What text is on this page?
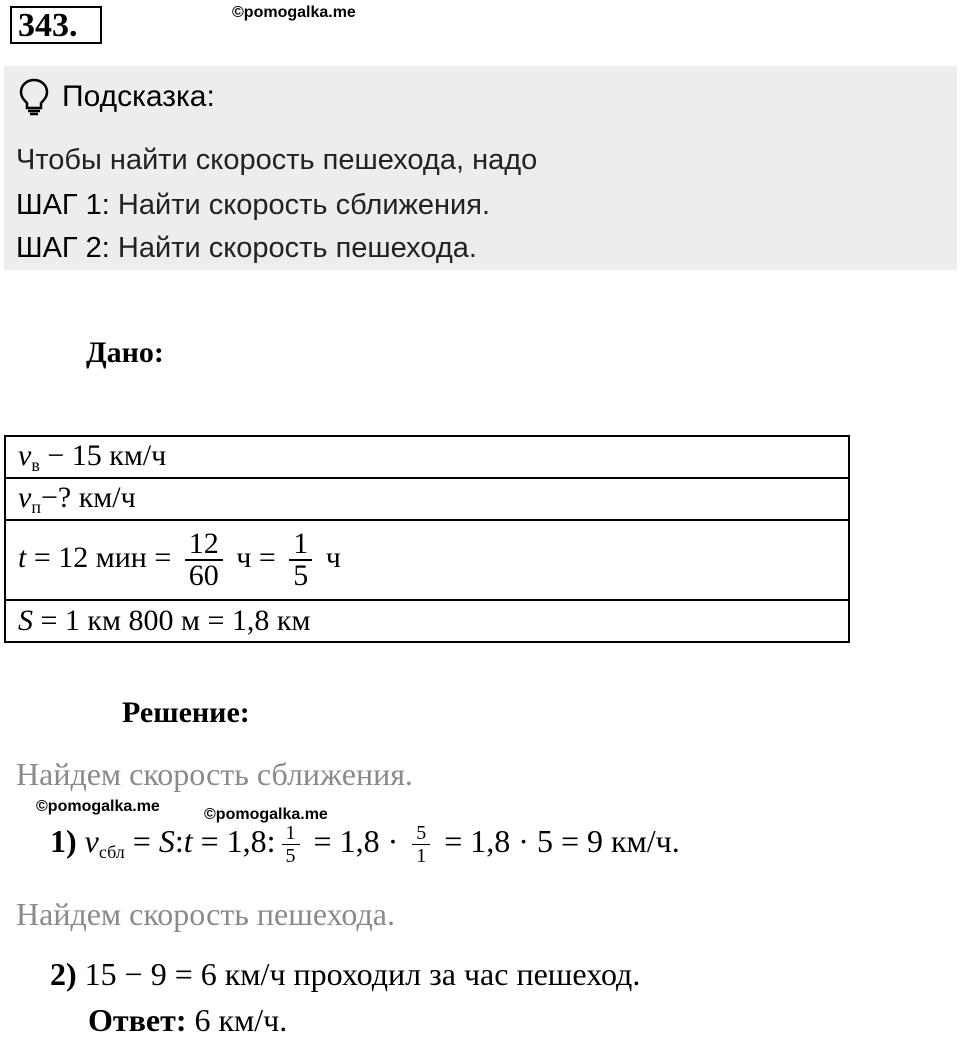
343.	©pomogalka.me
Подсказка:
Чтобы найти скорость пешехода, надо
ШАГ 1: Найти скорость сближения.
ШАГ 2: Найти скорость пешехода.
Дано:
$v_в - 15$ км/ч
$v_п-$? км/ч
t = 12 мин = $\frac{12}{60}$ $ч = \frac{1}{5}$ ч
S = 1 км 800 м = 1,8 км
Решение:
Найдем скорость сближения.
©pomogalka.me	©pomogalka.me
1) $v_{сбл}$ = S:t = 1,8: $\frac{1}{5} = 1,8 \cdot \frac{5}{1} = 1,8 \cdot 5 = 9$ км/ч.
Найдем скорость пешехода.
2) 15 − 9 = 6 км/ч проходил за час пешеход.
Ответ: 6 км/ч.
